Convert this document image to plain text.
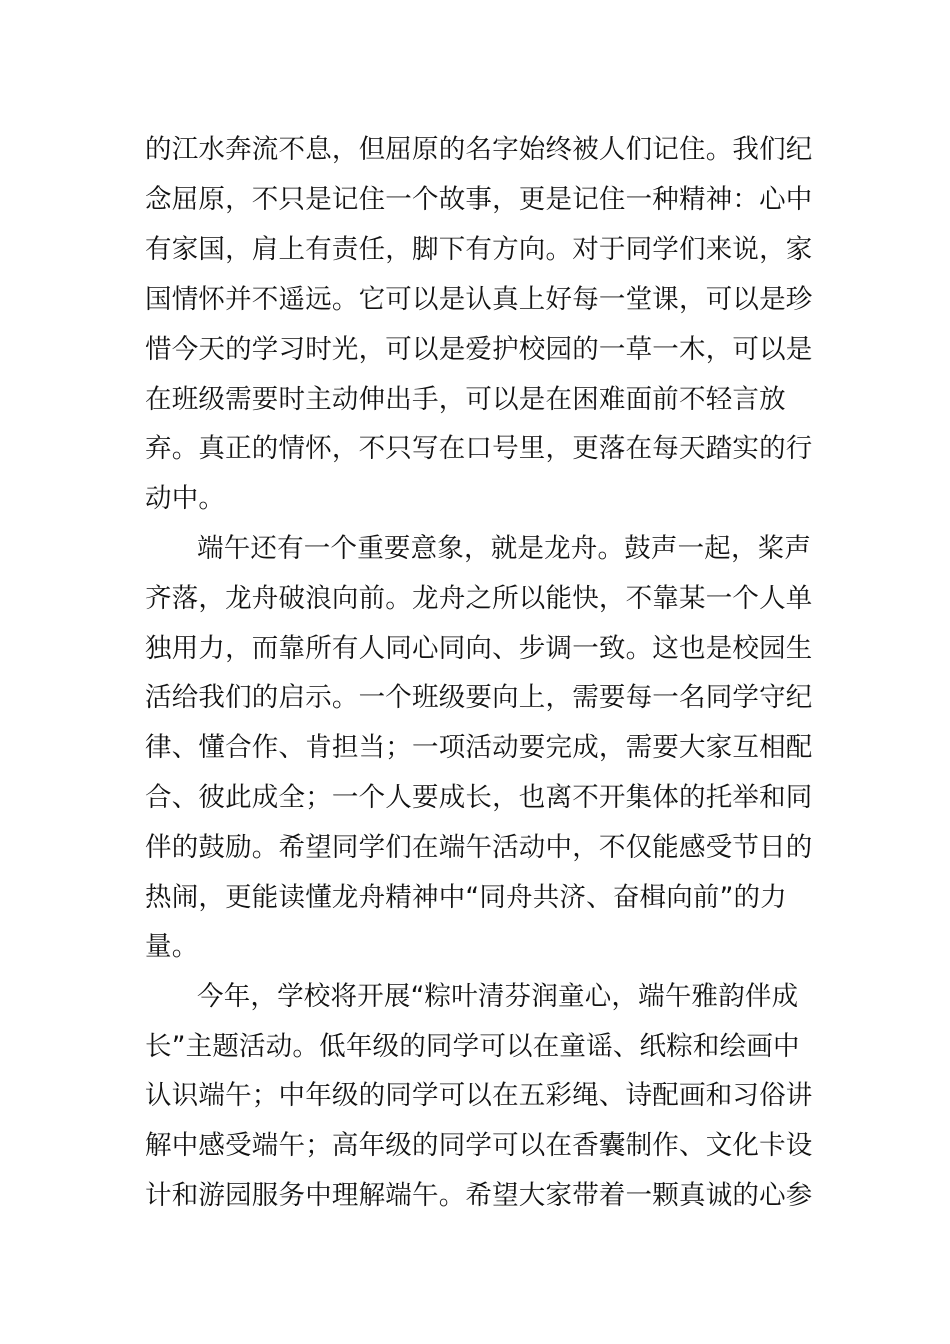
的江水奔流不息，但屈原的名字始终被人们记住。我们纪
念屈原，不只是记住一个故事，更是记住一种精神：心中
有家国，肩上有责任，脚下有方向。对于同学们来说，家
国情怀并不遥远。它可以是认真上好每一堂课，可以是珍
惜今天的学习时光，可以是爱护校园的一草一木，可以是
在班级需要时主动伸出手，可以是在困难面前不轻言放
弃。真正的情怀，不只写在口号里，更落在每天踏实的行
动中。
端午还有一个重要意象，就是龙舟。鼓声一起，桨声
齐落，龙舟破浪向前。龙舟之所以能快，不靠某一个人单
独用力，而靠所有人同心同向、步调一致。这也是校园生
活给我们的启示。一个班级要向上，需要每一名同学守纪
律、懂合作、肯担当；一项活动要完成，需要大家互相配
合、彼此成全；一个人要成长，也离不开集体的托举和同
伴的鼓励。希望同学们在端午活动中，不仅能感受节日的
热闹，更能读懂龙舟精神中“同舟共济、奋楫向前”的力
量。
今年，学校将开展“粽叶清芬润童心，端午雅韵伴成
长”主题活动。低年级的同学可以在童谣、纸粽和绘画中
认识端午；中年级的同学可以在五彩绳、诗配画和习俗讲
解中感受端午；高年级的同学可以在香囊制作、文化卡设
计和游园服务中理解端午。希望大家带着一颗真诚的心参
